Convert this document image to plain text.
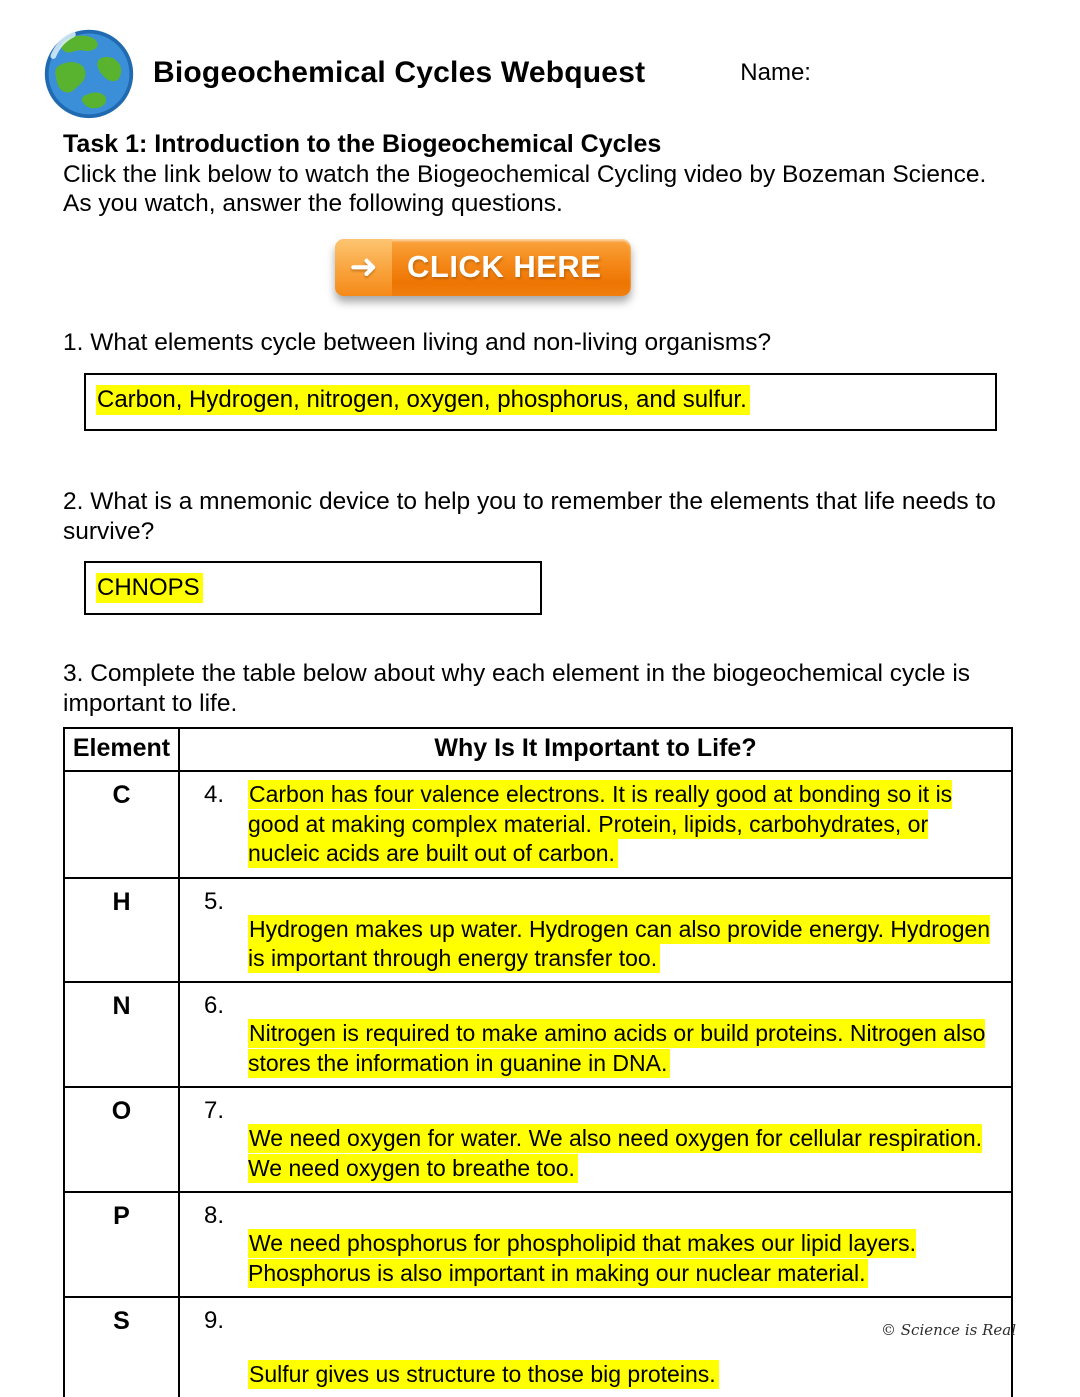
Biogeochemical Cycles Webquest	Name:
Task 1: Introduction to the Biogeochemical Cycles
Click the link below to watch the Biogeochemical Cycling video by Bozeman Science. As you watch, answer the following questions.
➜ CLICK HERE
1. What elements cycle between living and non-living organisms?
Carbon, Hydrogen, nitrogen, oxygen, phosphorus, and sulfur.
2. What is a mnemonic device to help you to remember the elements that life needs to survive?
CHNOPS
3. Complete the table below about why each element in the biogeochemical cycle is important to life.
Element	Why Is It Important to Life?
C	4. Carbon has four valence electrons. It is really good at bonding so it is good at making complex material. Protein, lipids, carbohydrates, or nucleic acids are built out of carbon.

H	5.
Hydrogen makes up water. Hydrogen can also provide energy. Hydrogen is important through energy transfer too.

N	6.
Nitrogen is required to make amino acids or build proteins. Nitrogen also stores the information in guanine in DNA.

O	7.
We need oxygen for water. We also need oxygen for cellular respiration. We need oxygen to breathe too.

P	8.
We need phosphorus for phospholipid that makes our lipid layers. Phosphorus is also important in making our nuclear material.

S	9.
Sulfur gives us structure to those big proteins.
© Science is Real
